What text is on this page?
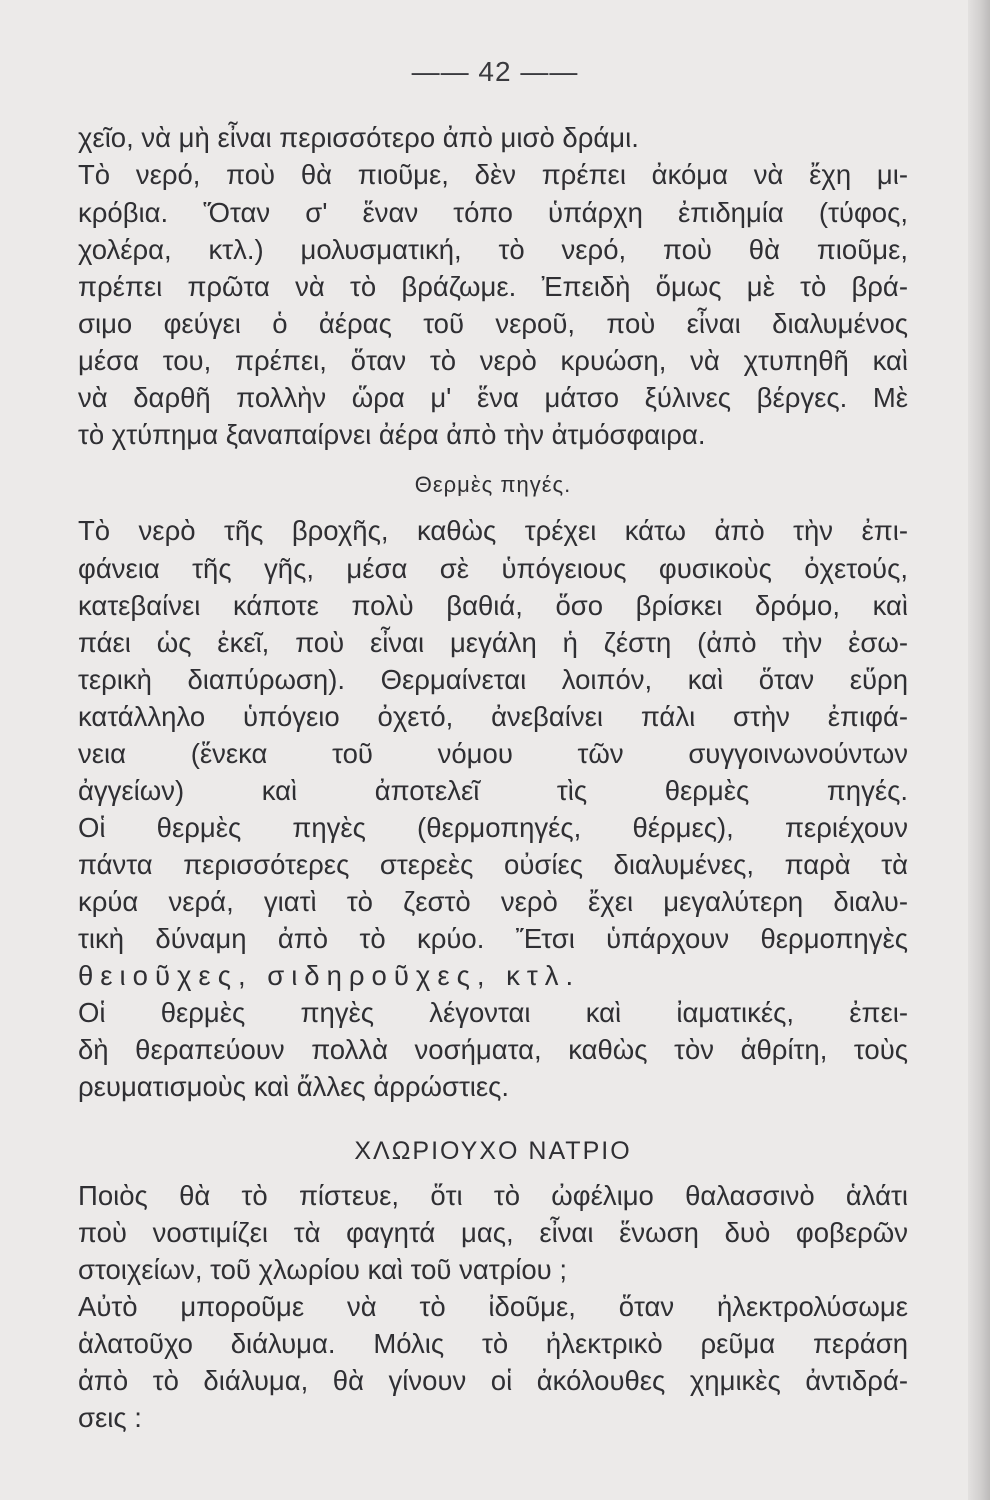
—— 42 ——
χεῖο, νὰ μὴ εἶναι περισσότερο ἀπὸ μισὸ δράμι.
Τὸ νερό, ποὺ θὰ πιοῦμε, δὲν πρέπει ἀκόμα νὰ ἔχη μι-
κρόβια. Ὅταν σ' ἕναν τόπο ὑπάρχη ἐπιδημία (τύφος,
χολέρα, κτλ.) μολυσματική, τὸ νερό, ποὺ θὰ πιοῦμε,
πρέπει πρῶτα νὰ τὸ βράζωμε. Ἐπειδὴ ὅμως μὲ τὸ βρά-
σιμο φεύγει ὁ ἀέρας τοῦ νεροῦ, ποὺ εἶναι διαλυμένος
μέσα του, πρέπει, ὅταν τὸ νερὸ κρυώση, νὰ χτυπηθῆ καὶ
νὰ δαρθῆ πολλὴν ὥρα μ' ἕνα μάτσο ξύλινες βέργες. Μὲ
τὸ χτύπημα ξαναπαίρνει ἀέρα ἀπὸ τὴν ἀτμόσφαιρα.
Θερμὲς πηγές.
Τὸ νερὸ τῆς βροχῆς, καθὼς τρέχει κάτω ἀπὸ τὴν ἐπι-
φάνεια τῆς γῆς, μέσα σὲ ὑπόγειους φυσικοὺς ὀχετούς,
κατεβαίνει κάποτε πολὺ βαθιά, ὅσο βρίσκει δρόμο, καὶ
πάει ὡς ἐκεῖ, ποὺ εἶναι μεγάλη ἡ ζέστη (ἀπὸ τὴν ἐσω-
τερικὴ διαπύρωση). Θερμαίνεται λοιπόν, καὶ ὅταν εὕρη
κατάλληλο ὑπόγειο ὀχετό, ἀνεβαίνει πάλι στὴν ἐπιφά-
νεια (ἕνεκα τοῦ νόμου τῶν συγγοινωνούντων
ἀγγείων) καὶ ἀποτελεῖ τὶς θερμὲς πηγές.
Οἱ θερμὲς πηγὲς (θερμοπηγές, θέρμες), περιέχουν
πάντα περισσότερες στερεὲς οὐσίες διαλυμένες, παρὰ τὰ
κρύα νερά, γιατὶ τὸ ζεστὸ νερὸ ἔχει μεγαλύτερη διαλυ-
τικὴ δύναμη ἀπὸ τὸ κρύο. Ἔτσι ὑπάρχουν θερμοπηγὲς
θειοῦχες, σιδηροῦχες, κτλ.
Οἱ θερμὲς πηγὲς λέγονται καὶ ἰαματικές, ἐπει-
δὴ θεραπεύουν πολλὰ νοσήματα, καθὼς τὸν ἀθρίτη, τοὺς
ρευματισμοὺς καὶ ἄλλες ἀρρώστιες.
ΧΛΩΡΙΟΥΧΟ ΝΑΤΡΙΟ
Ποιὸς θὰ τὸ πίστευε, ὅτι τὸ ὠφέλιμο θαλασσινὸ ἁλάτι
ποὺ νοστιμίζει τὰ φαγητά μας, εἶναι ἕνωση δυὸ φοβερῶν
στοιχείων, τοῦ χλωρίου καὶ τοῦ νατρίου ;
Αὐτὸ μποροῦμε νὰ τὸ ἰδοῦμε, ὅταν ἠλεκτρολύσωμε
ἁλατοῦχο διάλυμα. Μόλις τὸ ἠλεκτρικὸ ρεῦμα περάση
ἀπὸ τὸ διάλυμα, θὰ γίνουν οἱ ἀκόλουθες χημικὲς ἀντιδρά-
σεις :
